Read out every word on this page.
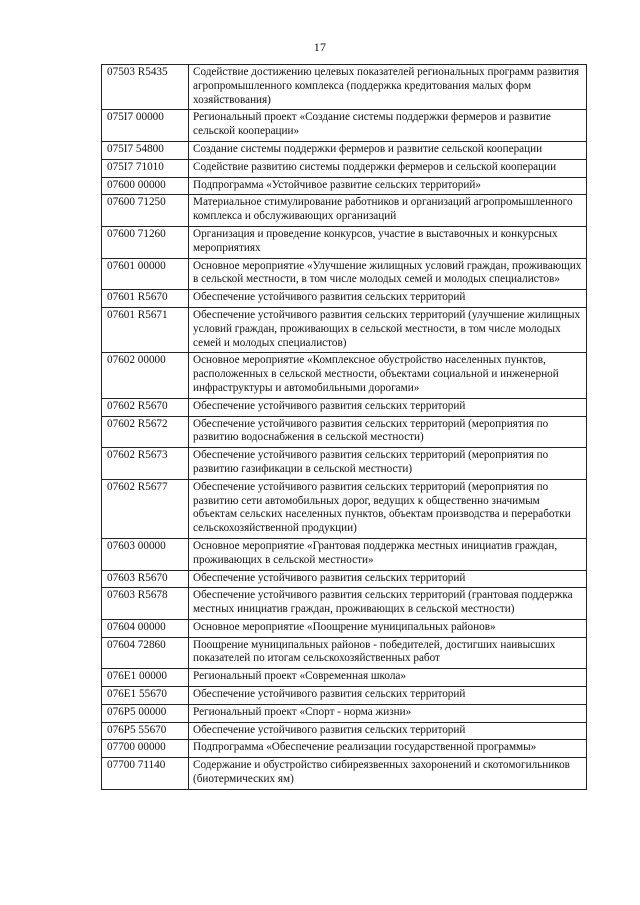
17
07503 R5435	Содействие достижению целевых показателей региональных программ развития агропромышленного комплекса (поддержка кредитования малых форм хозяйствования)
075I7 00000	Региональный проект «Создание системы поддержки фермеров и развитие сельской кооперации»
075I7 54800	Создание системы поддержки фермеров и развитие сельской кооперации
075I7 71010	Содействие развитию системы поддержки фермеров и сельской кооперации
07600 00000	Подпрограмма «Устойчивое развитие сельских территорий»
07600 71250	Материальное стимулирование работников и организаций агропромышленного комплекса и обслуживающих организаций
07600 71260	Организация и проведение конкурсов, участие в выставочных и конкурсных мероприятиях
07601 00000	Основное мероприятие «Улучшение жилищных условий граждан, проживающих в сельской местности, в том числе молодых семей и молодых специалистов»
07601 R5670	Обеспечение устойчивого развития сельских территорий
07601 R5671	Обеспечение устойчивого развития сельских территорий (улучшение жилищных условий граждан, проживающих в сельской местности, в том числе молодых семей и молодых специалистов)
07602 00000	Основное мероприятие «Комплексное обустройство населенных пунктов, расположенных в сельской местности, объектами социальной и инженерной инфраструктуры и автомобильными дорогами»
07602 R5670	Обеспечение устойчивого развития сельских территорий
07602 R5672	Обеспечение устойчивого развития сельских территорий (мероприятия по развитию водоснабжения в сельской местности)
07602 R5673	Обеспечение устойчивого развития сельских территорий (мероприятия по развитию газификации в сельской местности)
07602 R5677	Обеспечение устойчивого развития сельских территорий (мероприятия по развитию сети автомобильных дорог, ведущих к общественно значимым объектам сельских населенных пунктов, объектам производства и переработки сельскохозяйственной продукции)
07603 00000	Основное мероприятие «Грантовая поддержка местных инициатив граждан, проживающих в сельской местности»
07603 R5670	Обеспечение устойчивого развития сельских территорий
07603 R5678	Обеспечение устойчивого развития сельских территорий (грантовая поддержка местных инициатив граждан, проживающих в сельской местности)
07604 00000	Основное мероприятие «Поощрение муниципальных районов»
07604 72860	Поощрение муниципальных районов - победителей, достигших наивысших показателей по итогам сельскохозяйственных работ
076E1 00000	Региональный проект «Современная школа»
076E1 55670	Обеспечение устойчивого развития сельских территорий
076P5 00000	Региональный проект «Спорт - норма жизни»
076P5 55670	Обеспечение устойчивого развития сельских территорий
07700 00000	Подпрограмма «Обеспечение реализации государственной программы»
07700 71140	Содержание и обустройство сибиреязвенных захоронений и скотомогильников (биотермических ям)
